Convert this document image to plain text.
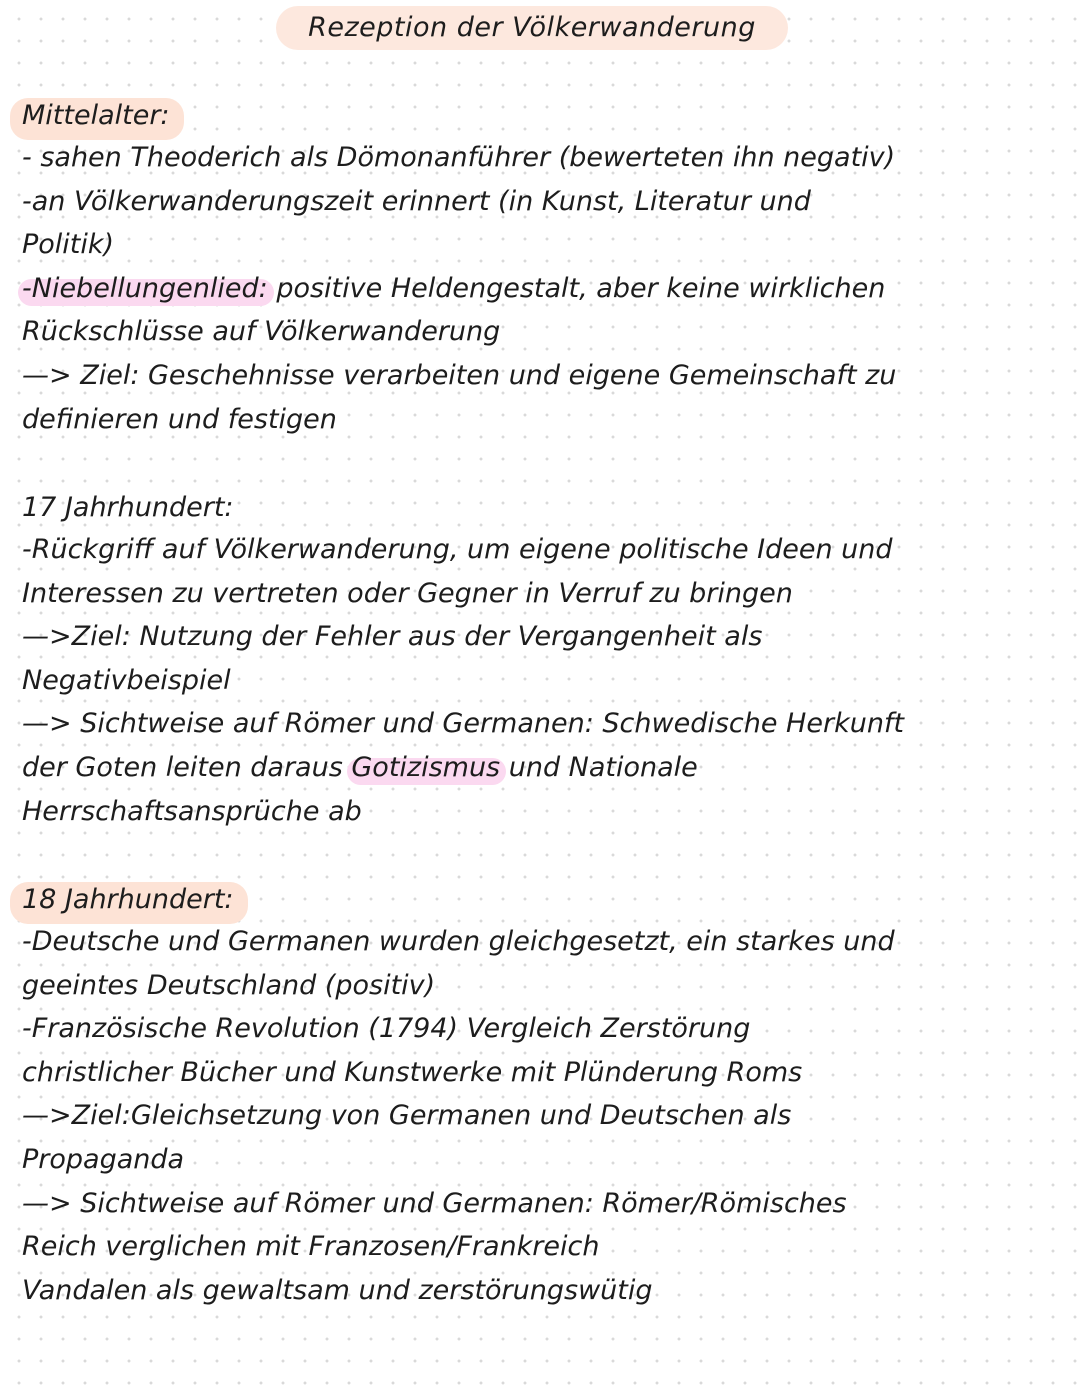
Rezeption der Völkerwanderung
Mittelalter:
- sahen Theoderich als Dömonanführer (bewerteten ihn negativ)
-an Völkerwanderungszeit erinnert (in Kunst, Literatur und
Politik)
-Niebellungenlied: positive Heldengestalt, aber keine wirklichen
Rückschlüsse auf Völkerwanderung
—> Ziel: Geschehnisse verarbeiten und eigene Gemeinschaft zu
definieren und festigen
17 Jahrhundert:
-Rückgriff auf Völkerwanderung, um eigene politische Ideen und
Interessen zu vertreten oder Gegner in Verruf zu bringen
—>Ziel: Nutzung der Fehler aus der Vergangenheit als
Negativbeispiel
—> Sichtweise auf Römer und Germanen: Schwedische Herkunft
der Goten leiten daraus Gotizismus und Nationale
Herrschaftsansprüche ab
18 Jahrhundert:
-Deutsche und Germanen wurden gleichgesetzt, ein starkes und
geeintes Deutschland (positiv)
-Französische Revolution (1794) Vergleich Zerstörung
christlicher Bücher und Kunstwerke mit Plünderung Roms
—>Ziel:Gleichsetzung von Germanen und Deutschen als
Propaganda
—> Sichtweise auf Römer und Germanen: Römer/Römisches
Reich verglichen mit Franzosen/Frankreich
Vandalen als gewaltsam und zerstörungswütig
